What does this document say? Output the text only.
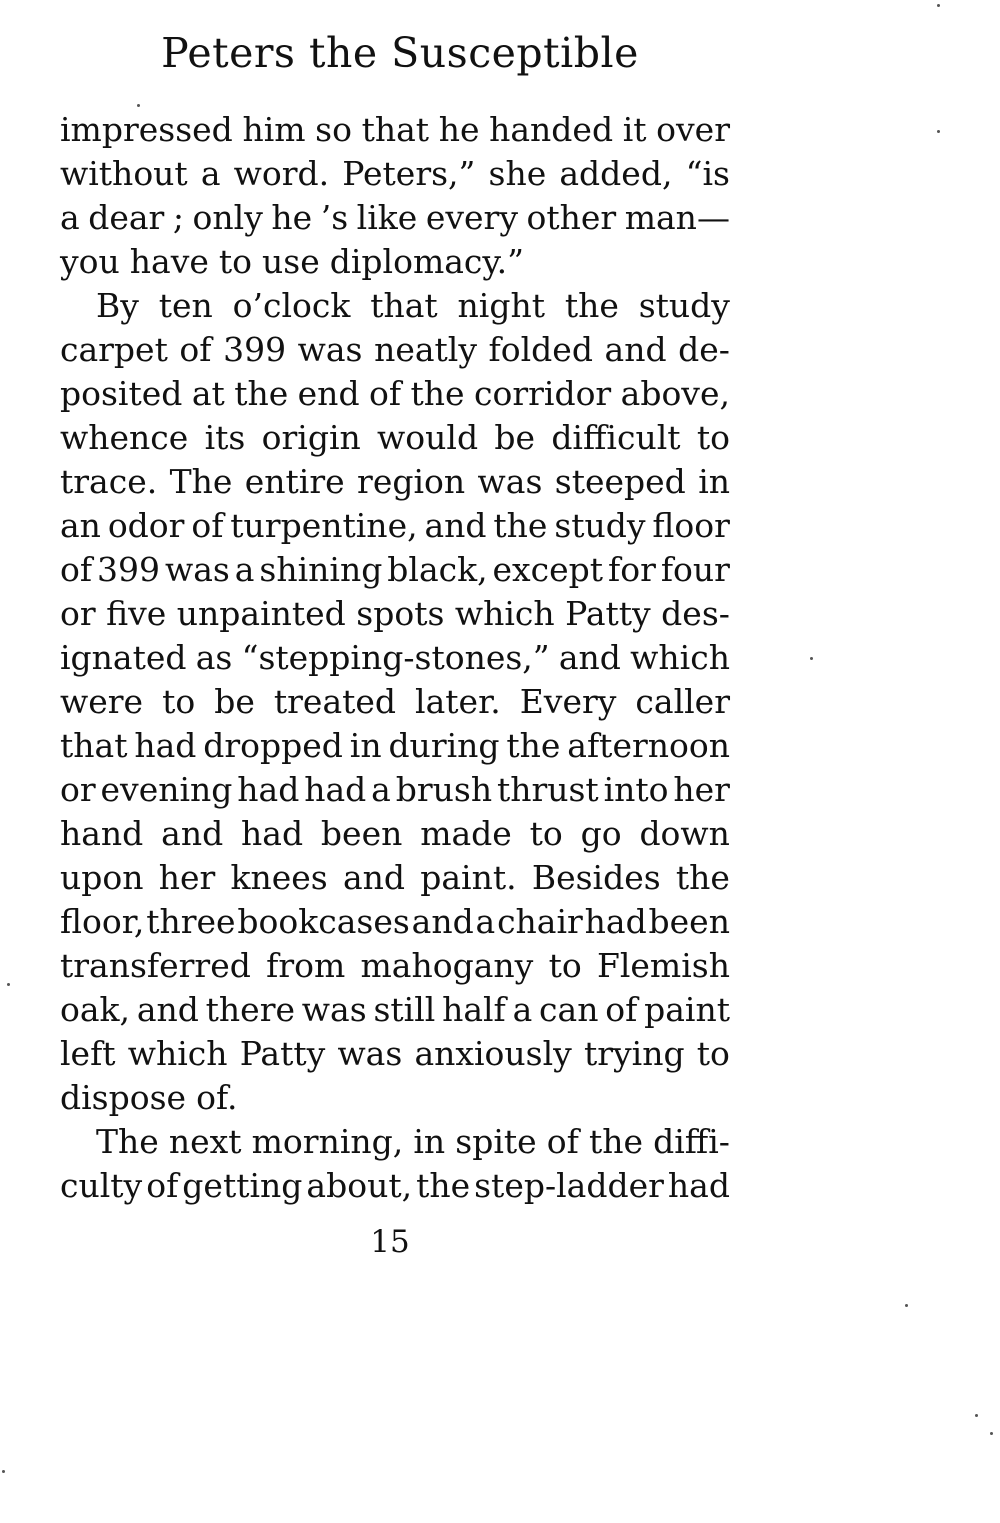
Peters the Susceptible
impressed him so that he handed it over
without a word. Peters,” she added, “is
a dear ; only he ’s like every other man—
you have to use diplomacy.”
By ten o’clock that night the study
carpet of 399 was neatly folded and de-
posited at the end of the corridor above,
whence its origin would be difficult to
trace. The entire region was steeped in
an odor of turpentine, and the study floor
of 399 was a shining black, except for four
or five unpainted spots which Patty des-
ignated as “stepping-stones,” and which
were to be treated later. Every caller
that had dropped in during the afternoon
or evening had had a brush thrust into her
hand and had been made to go down
upon her knees and paint. Besides the
floor, three bookcases and a chair had been
transferred from mahogany to Flemish
oak, and there was still half a can of paint
left which Patty was anxiously trying to
dispose of.
The next morning, in spite of the diffi-
culty of getting about, the step-ladder had
15
